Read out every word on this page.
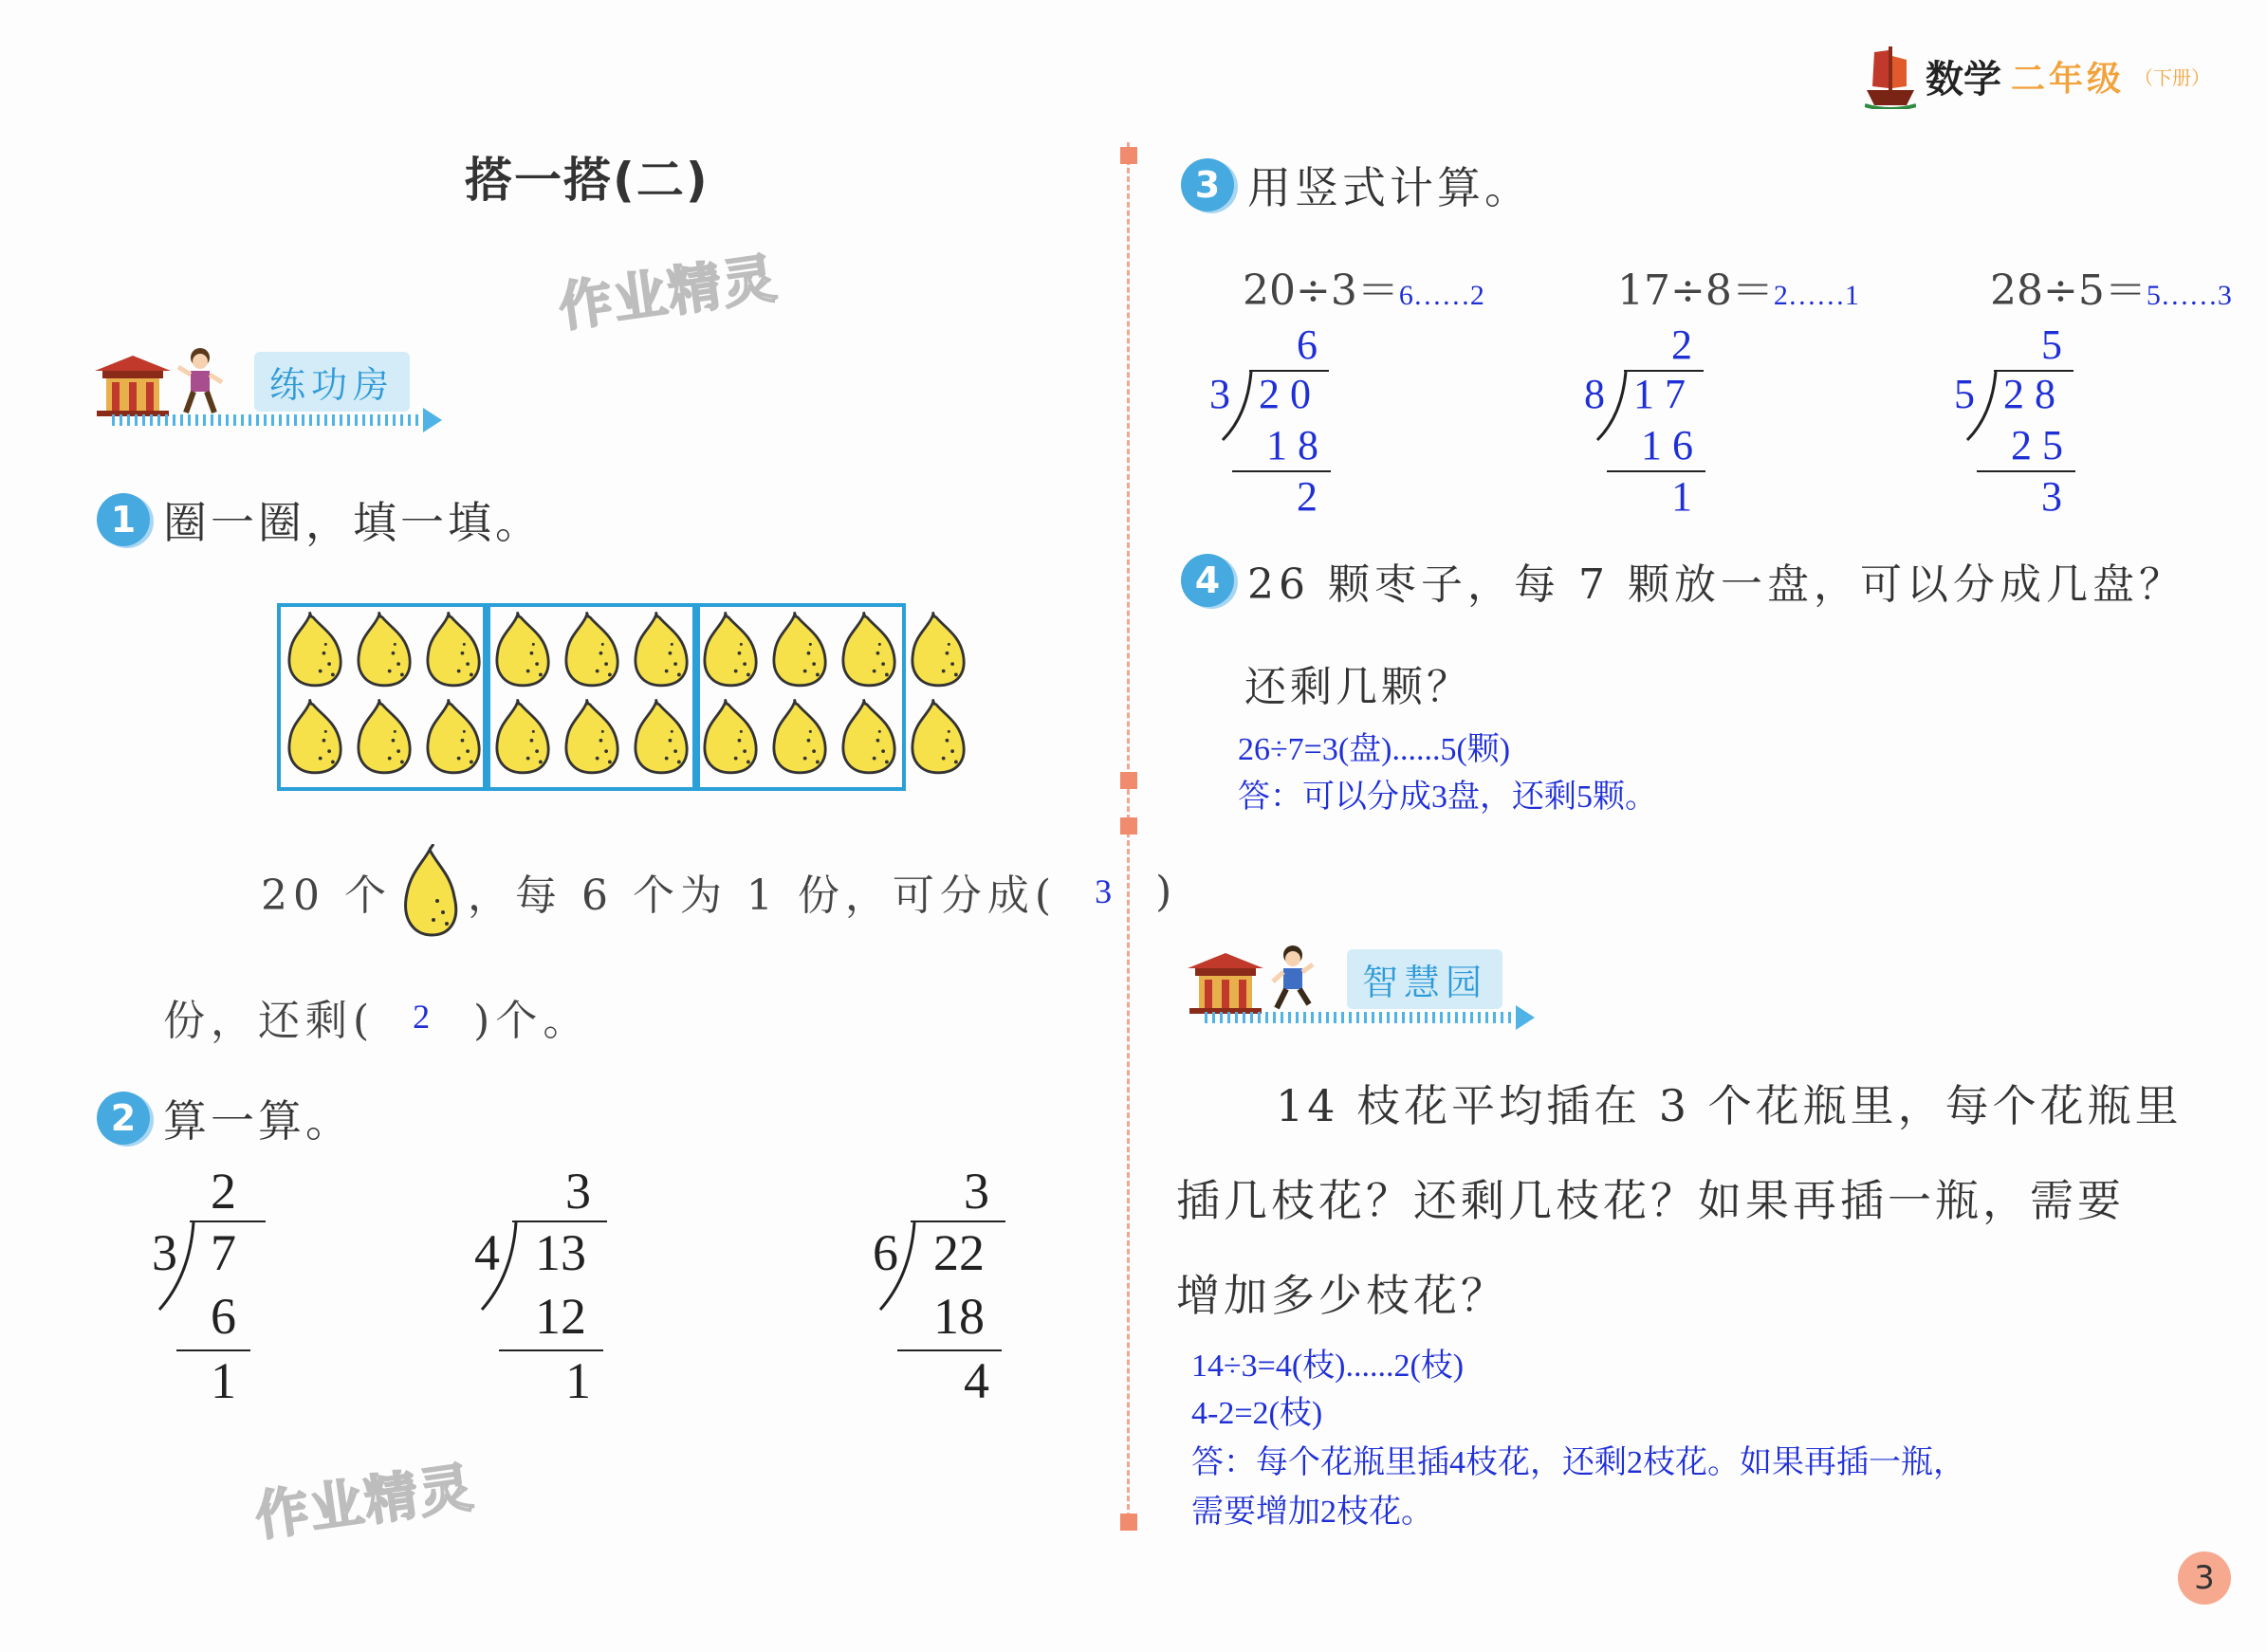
数学 二年级 （下册）
搭一搭(二)
作业精灵
作业精灵
练功房
1 圈一圈，填一填。
20 个 ，每 6 个为 1 份，可分成( 3 )
份，还剩( 2 )个。
2 算一算。
2
3 7
6
1
3
4 13
12
1
3
6 22
18
4
3 用竖式计算。
20÷3＝ 6……2	17÷8＝ 2……1	28÷5＝ 5……3
6
3 2 0
1 8
2
2
8 1 7
1 6
1
5
5 2 8
2 5
3
4 26 颗枣子，每 7 颗放一盘，可以分成几盘？
还剩几颗？
26÷7=3(盘)......5(颗)
答：可以分成3盘，还剩5颗。
智慧园
14 枝花平均插在 3 个花瓶里，每个花瓶里
插几枝花？还剩几枝花？如果再插一瓶，需要
增加多少枝花？
14÷3=4(枝)......2(枝)
4-2=2(枝)
答：每个花瓶里插4枝花，还剩2枝花。如果再插一瓶，
需要增加2枝花。
3
